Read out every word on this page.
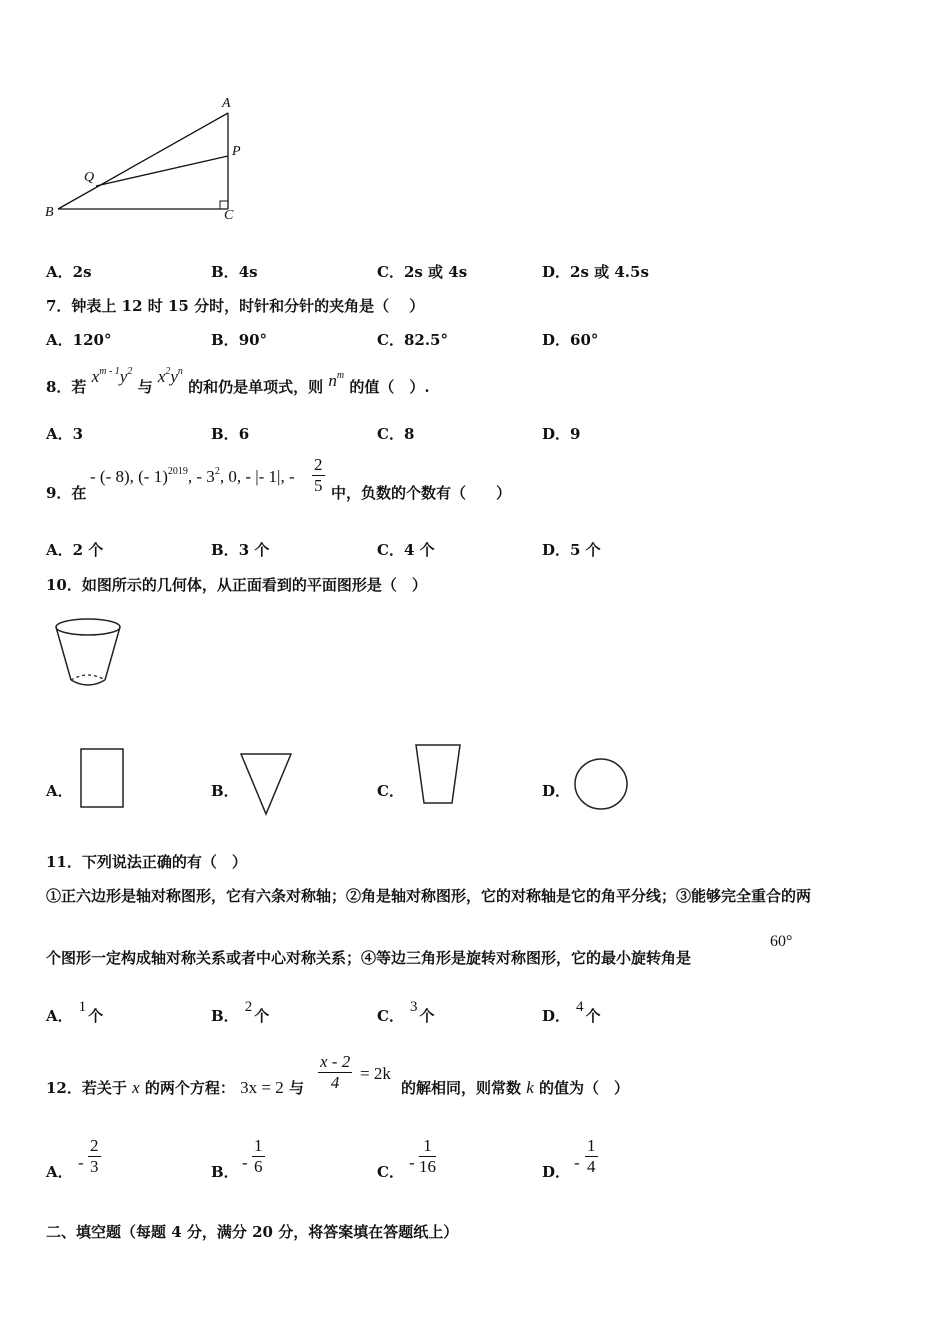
A
P
Q
B	C
A．2s	B．4s	C．2s 或 4s	D．2s 或 4.5s
7．钟表上 12 时 15 分时，时针和分针的夹角是（　 ）
A．120°	B．90°	C．82.5°	D．60°
8．若 $x^{m - 1}y^2$ 与 $x^2y^n$ 的和仍是单项式，则 $n^m$ 的值（　）.
A．3	B．6	C．8	D．9
9．在
- (- 8), (- 1)$^{2019}$, - $3^2$, 0, - |- 1|, - $\frac{2}{5}$ 中，负数的个数有（　　）
A．2 个	B．3 个	C．4 个	D．5 个
10．如图所示的几何体，从正面看到的平面图形是（　）
A．	B．	C．	D．
11．下列说法正确的有（　）
①正六边形是轴对称图形，它有六条对称轴；②角是轴对称图形，它的对称轴是它的角平分线；③能够完全重合的两
个图形一定构成轴对称关系或者中心对称关系；④等边三角形是旋转对称图形，它的最小旋转角是
60°
A． 1 个	B． 2 个	C． 3 个	D． 4 个
12．若关于 x 的两个方程： 3x = 2 与 $\frac{x - 2}{4} = 2k$
的解相同，则常数 k 的值为（　）
A． - $\frac{2}{3}$	B． - $\frac{1}{6}$	C． - $\frac{1}{16}$	D． - $\frac{1}{4}$
二、填空题（每题 4 分，满分 20 分，将答案填在答题纸上）
